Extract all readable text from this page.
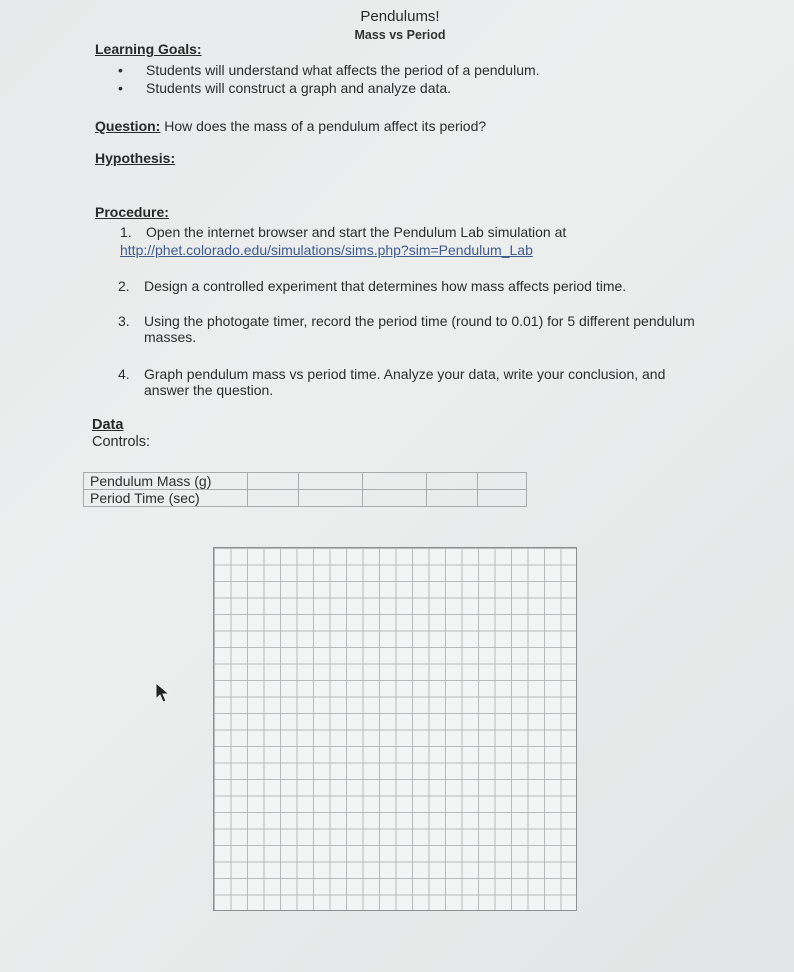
Pendulums!
Mass vs Period
Learning Goals:
• Students will understand what affects the period of a pendulum.
• Students will construct a graph and analyze data.
Question: How does the mass of a pendulum affect its period?
Hypothesis:
Procedure:
1. Open the internet browser and start the Pendulum Lab simulation at
http://phet.colorado.edu/simulations/sims.php?sim=Pendulum_Lab
2. Design a controlled experiment that determines how mass affects period time.
3. Using the photogate timer, record the period time (round to 0.01) for 5 different pendulum masses.
4. Graph pendulum mass vs period time. Analyze your data, write your conclusion, and answer the question.
Data
Controls:
Pendulum Mass (g)					
Period Time (sec)					
